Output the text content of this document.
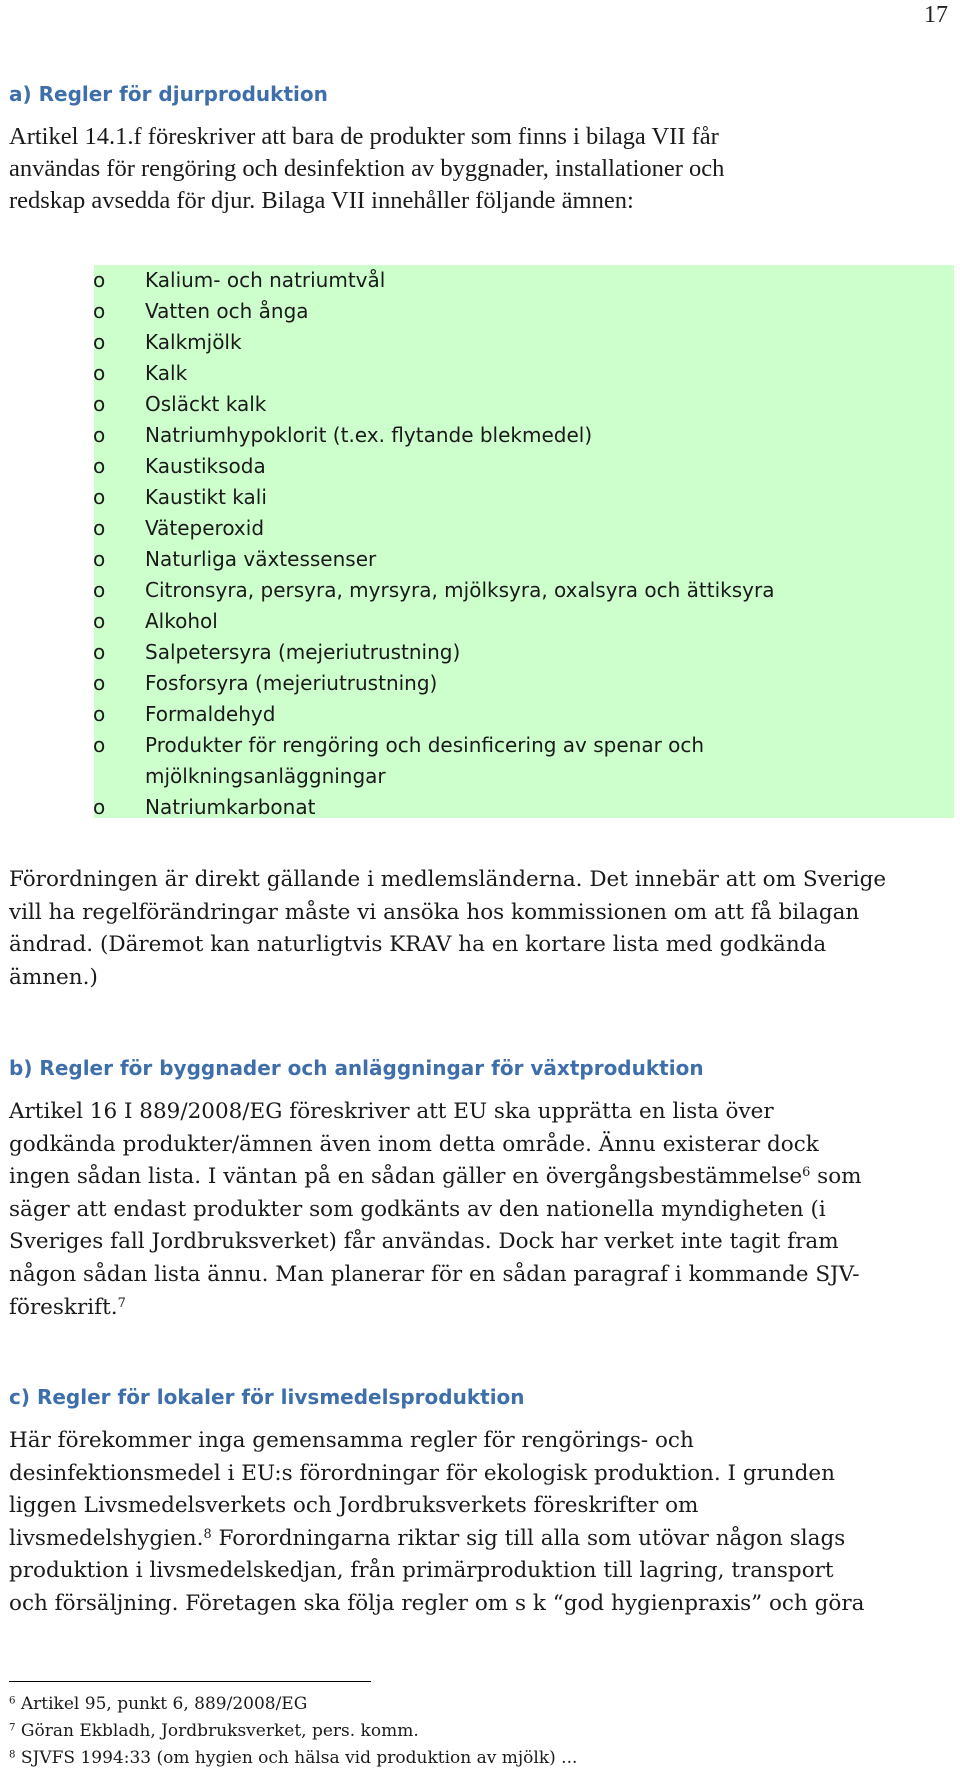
17
a) Regler för djurproduktion

Artikel 14.1.f föreskriver att bara de produkter som finns i bilaga VII får
användas för rengöring och desinfektion av byggnader, installationer och
redskap avsedda för djur. Bilaga VII innehåller följande ämnen:

o Kalium- och natriumtvål
o Vatten och ånga
o Kalkmjölk
o Kalk
o Osläckt kalk
o Natriumhypoklorit (t.ex. flytande blekmedel)
o Kaustiksoda
o Kaustikt kali
o Väteperoxid
o Naturliga växtessenser
o Citronsyra, persyra, myrsyra, mjölksyra, oxalsyra och ättiksyra
o Alkohol
o Salpetersyra (mejeriutrustning)
o Fosforsyra (mejeriutrustning)
o Formaldehyd
o Produkter för rengöring och desinficering av spenar och
mjölkningsanläggningar
o Natriumkarbonat

Förordningen är direkt gällande i medlemsländerna. Det innebär att om Sverige
vill ha regelförändringar måste vi ansöka hos kommissionen om att få bilagan
ändrad. (Däremot kan naturligtvis KRAV ha en kortare lista med godkända
ämnen.)

b) Regler för byggnader och anläggningar för växtproduktion

Artikel 16 I 889/2008/EG föreskriver att EU ska upprätta en lista över
godkända produkter/ämnen även inom detta område. Ännu existerar dock
ingen sådan lista. I väntan på en sådan gäller en övergångsbestämmelse$^6$ som
säger att endast produkter som godkänts av den nationella myndigheten (i
Sveriges fall Jordbruksverket) får användas. Dock har verket inte tagit fram
någon sådan lista ännu. Man planerar för en sådan paragraf i kommande SJV-
föreskrift.$^7$

c) Regler för lokaler för livsmedelsproduktion

Här förekommer inga gemensamma regler för rengörings- och
desinfektionsmedel i EU:s förordningar för ekologisk produktion. I grunden
liggen Livsmedelsverkets och Jordbruksverkets föreskrifter om
livsmedelshygien.$^8$ Forordningarna riktar sig till alla som utövar någon slags
produktion i livsmedelskedjan, från primärproduktion till lagring, transport
och försäljning. Företagen ska följa regler om s k “god hygienpraxis” och göra

$^6$ Artikel 95, punkt 6, 889/2008/EG
$^7$ Göran Ekbladh, Jordbruksverket, pers. komm.
$^8$ SJVFS 1994:33 (om hygien och hälsa vid produktion av mjölk) ...
